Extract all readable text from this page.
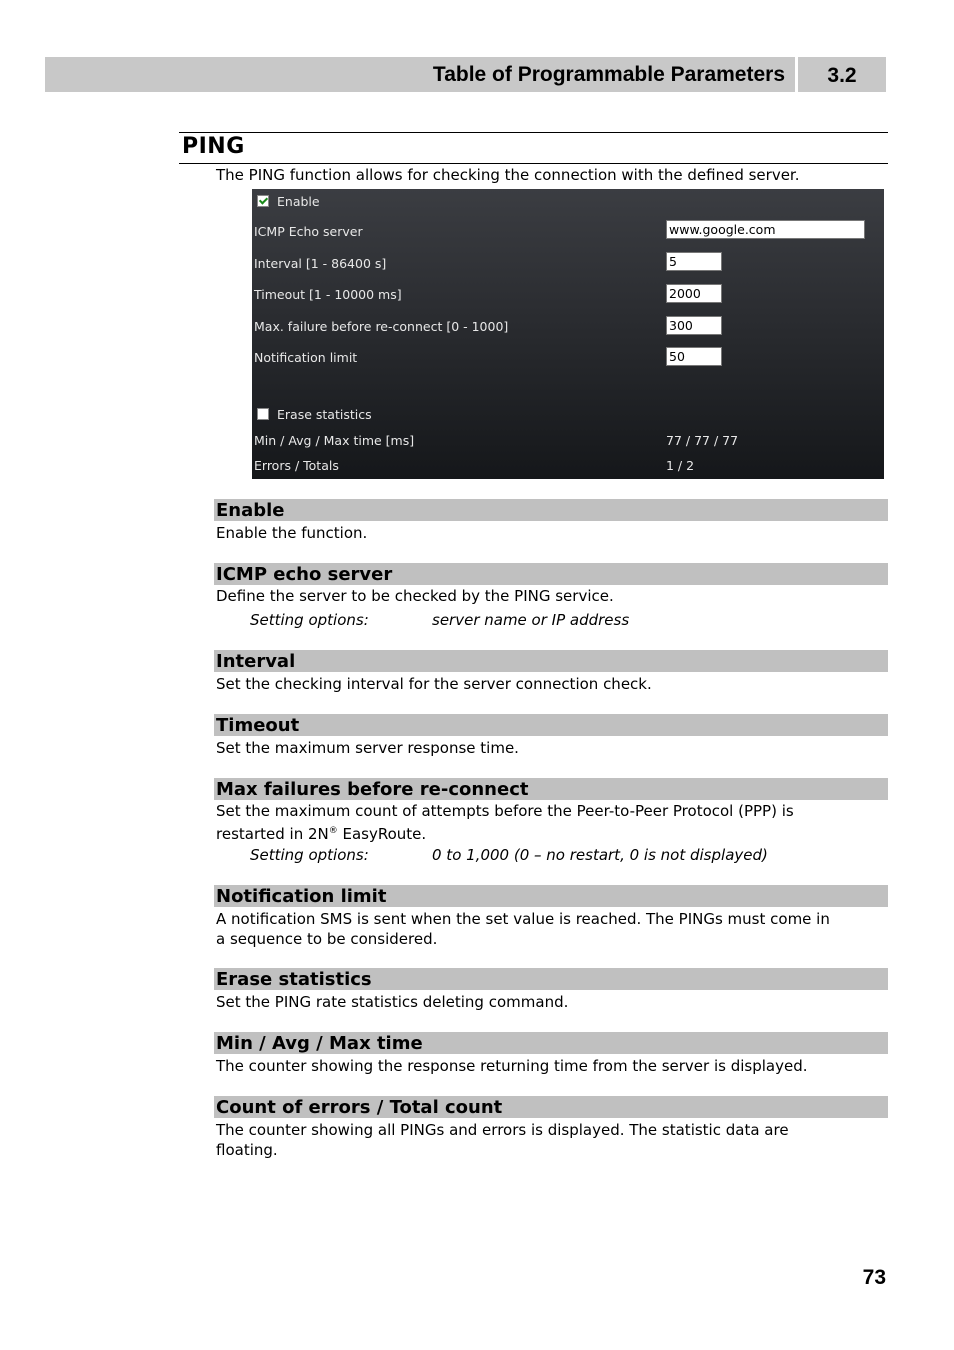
Table of Programmable Parameters	3.2
PING
The PING function allows for checking the connection with the defined server.
Enable
ICMP Echo server	www.google.com
Interval [1 - 86400 s]	5
Timeout [1 - 10000 ms]	2000
Max. failure before re-connect [0 - 1000]	300
Notification limit	50
Erase statistics
Min / Avg / Max time [ms]	77 / 77 / 77
Errors / Totals	1 / 2
Enable
Enable the function.
ICMP echo server
Define the server to be checked by the PING service.
Setting options:	server name or IP address
Interval
Set the checking interval for the server connection check.
Timeout
Set the maximum server response time.
Max failures before re-connect
Set the maximum count of attempts before the Peer-to-Peer Protocol (PPP) is
restarted in 2N® EasyRoute.
Setting options:	0 to 1,000 (0 – no restart, 0 is not displayed)
Notification limit
A notification SMS is sent when the set value is reached. The PINGs must come in
a sequence to be considered.
Erase statistics
Set the PING rate statistics deleting command.
Min / Avg / Max time
The counter showing the response returning time from the server is displayed.
Count of errors / Total count
The counter showing all PINGs and errors is displayed. The statistic data are
floating.
73
